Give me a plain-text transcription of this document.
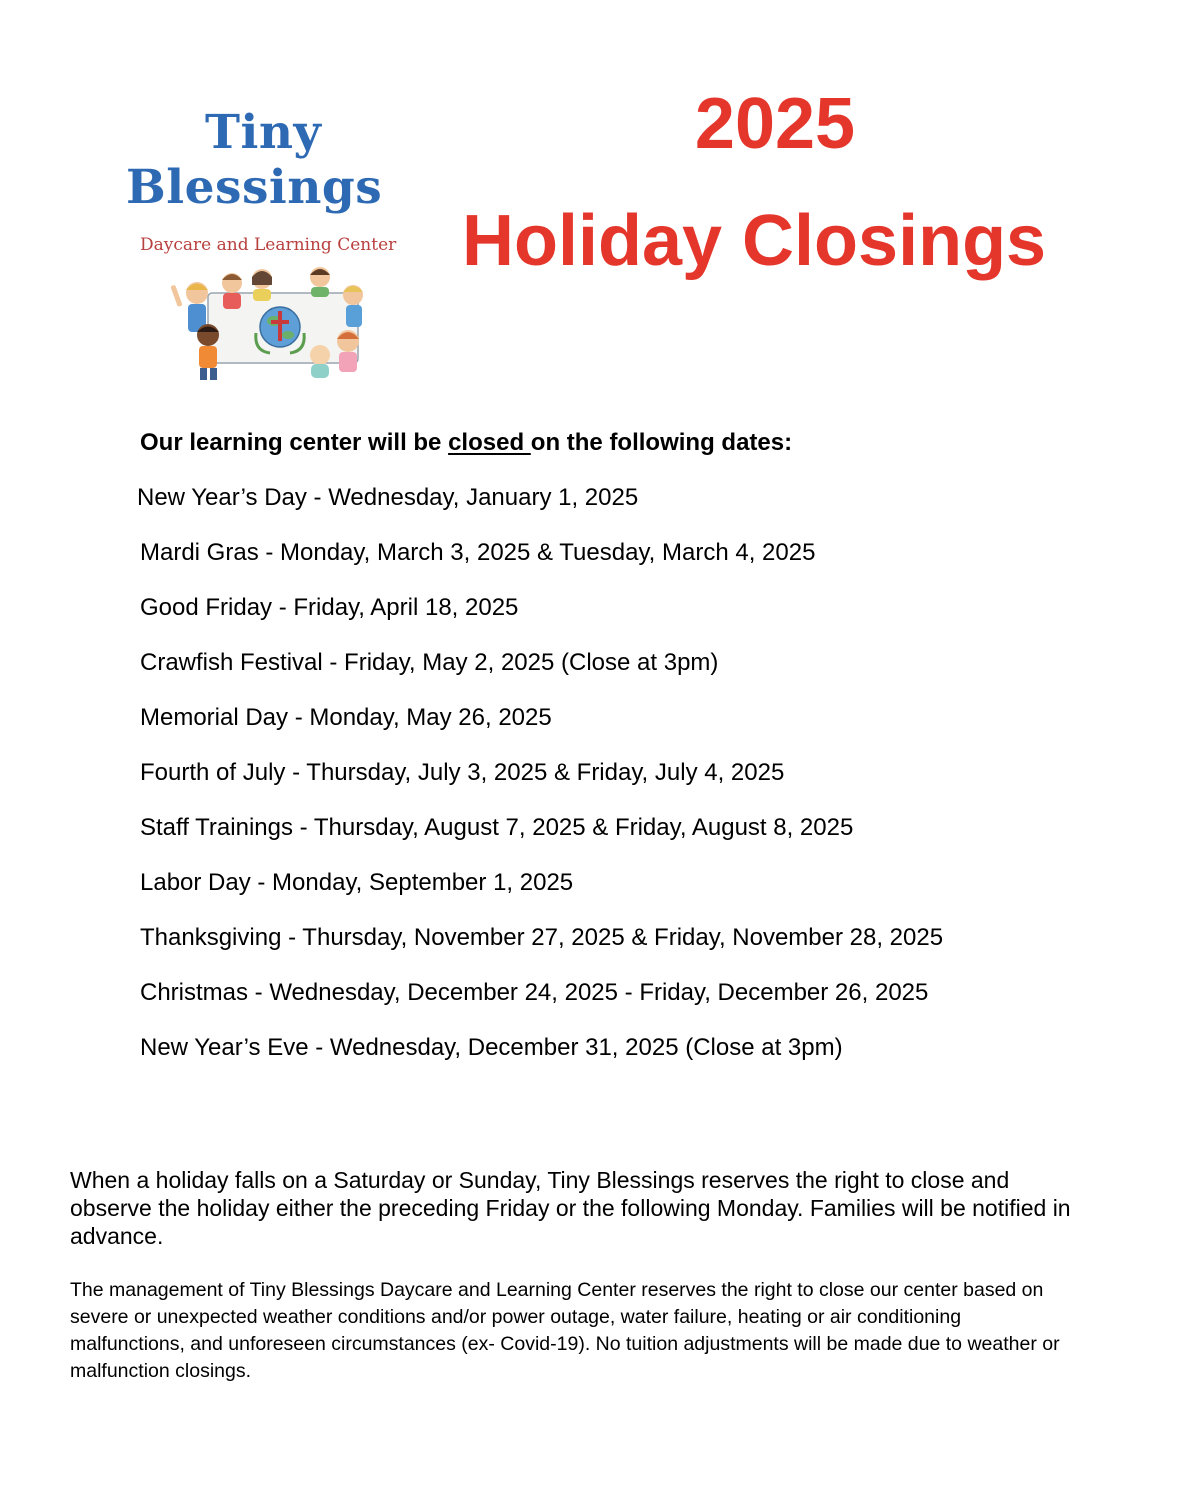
Tiny
Blessings
Daycare and Learning Center
2025
Holiday Closings
Our learning center will be closed on the following dates:
New Year’s Day - Wednesday, January 1, 2025
Mardi Gras - Monday, March 3, 2025 & Tuesday, March 4, 2025
Good Friday - Friday, April 18, 2025
Crawfish Festival - Friday, May 2, 2025 (Close at 3pm)
Memorial Day - Monday, May 26, 2025
Fourth of July - Thursday, July 3, 2025 & Friday, July 4, 2025
Staff Trainings - Thursday, August 7, 2025 & Friday, August 8, 2025
Labor Day - Monday, September 1, 2025
Thanksgiving - Thursday, November 27, 2025 & Friday, November 28, 2025
Christmas - Wednesday, December 24, 2025 - Friday, December 26, 2025
New Year’s Eve - Wednesday, December 31, 2025 (Close at 3pm)

When a holiday falls on a Saturday or Sunday, Tiny Blessings reserves the right to close and observe the holiday either the preceding Friday or the following Monday. Families will be notified in advance.

The management of Tiny Blessings Daycare and Learning Center reserves the right to close our center based on severe or unexpected weather conditions and/or power outage, water failure, heating or air conditioning malfunctions, and unforeseen circumstances (ex- Covid-19). No tuition adjustments will be made due to weather or malfunction closings.
